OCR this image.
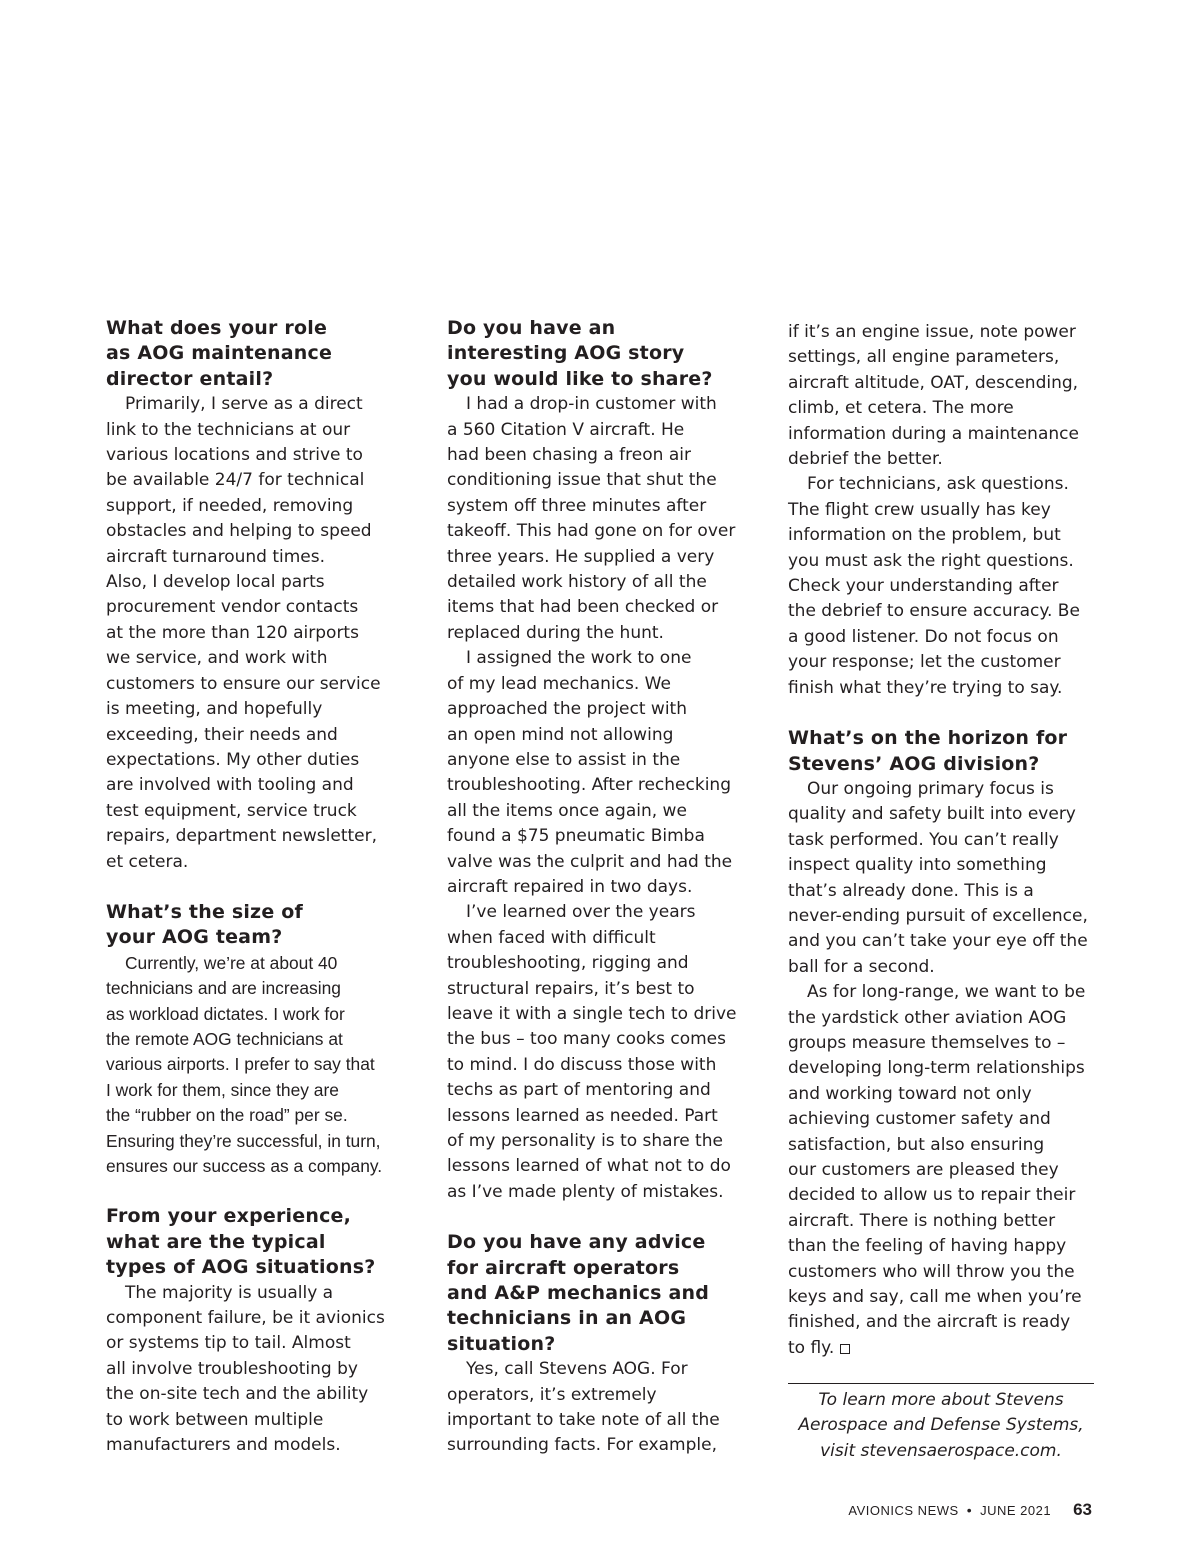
What does your role
as AOG maintenance
director entail?

Primarily, I serve as a direct
link to the technicians at our
various locations and strive to
be available 24/7 for technical
support, if needed, removing
obstacles and helping to speed
aircraft turnaround times.
Also, I develop local parts
procurement vendor contacts
at the more than 120 airports
we service, and work with
customers to ensure our service
is meeting, and hopefully
exceeding, their needs and
expectations. My other duties
are involved with tooling and
test equipment, service truck
repairs, department newsletter,
et cetera.

What’s the size of
your AOG team?

Currently, we’re at about 40
technicians and are increasing
as workload dictates. I work for
the remote AOG technicians at
various airports. I prefer to say that
I work for them, since they are
the “rubber on the road” per se.
Ensuring they’re successful, in turn,
ensures our success as a company.

From your experience,
what are the typical
types of AOG situations?

The majority is usually a
component failure, be it avionics
or systems tip to tail. Almost
all involve troubleshooting by
the on-site tech and the ability
to work between multiple
manufacturers and models.

Do you have an
interesting AOG story
you would like to share?

I had a drop-in customer with
a 560 Citation V aircraft. He
had been chasing a freon air
conditioning issue that shut the
system off three minutes after
takeoff. This had gone on for over
three years. He supplied a very
detailed work history of all the
items that had been checked or
replaced during the hunt.

I assigned the work to one
of my lead mechanics. We
approached the project with
an open mind not allowing
anyone else to assist in the
troubleshooting. After rechecking
all the items once again, we
found a $75 pneumatic Bimba
valve was the culprit and had the
aircraft repaired in two days.

I’ve learned over the years
when faced with difficult
troubleshooting, rigging and
structural repairs, it’s best to
leave it with a single tech to drive
the bus – too many cooks comes
to mind. I do discuss those with
techs as part of mentoring and
lessons learned as needed. Part
of my personality is to share the
lessons learned of what not to do
as I’ve made plenty of mistakes.

Do you have any advice
for aircraft operators
and A&P mechanics and
technicians in an AOG
situation?

Yes, call Stevens AOG. For
operators, it’s extremely
important to take note of all the
surrounding facts. For example,

if it’s an engine issue, note power
settings, all engine parameters,
aircraft altitude, OAT, descending,
climb, et cetera. The more
information during a maintenance
debrief the better.

For technicians, ask questions.
The flight crew usually has key
information on the problem, but
you must ask the right questions.
Check your understanding after
the debrief to ensure accuracy. Be
a good listener. Do not focus on
your response; let the customer
finish what they’re trying to say.

What’s on the horizon for
Stevens’ AOG division?

Our ongoing primary focus is
quality and safety built into every
task performed. You can’t really
inspect quality into something
that’s already done. This is a
never-ending pursuit of excellence,
and you can’t take your eye off the
ball for a second.

As for long-range, we want to be
the yardstick other aviation AOG
groups measure themselves to –
developing long-term relationships
and working toward not only
achieving customer safety and
satisfaction, but also ensuring
our customers are pleased they
decided to allow us to repair their
aircraft. There is nothing better
than the feeling of having happy
customers who will throw you the
keys and say, call me when you’re
finished, and the aircraft is ready
to fly.

To learn more about Stevens
Aerospace and Defense Systems,
visit stevensaerospace.com.

AVIONICS NEWS • JUNE 2021 63
